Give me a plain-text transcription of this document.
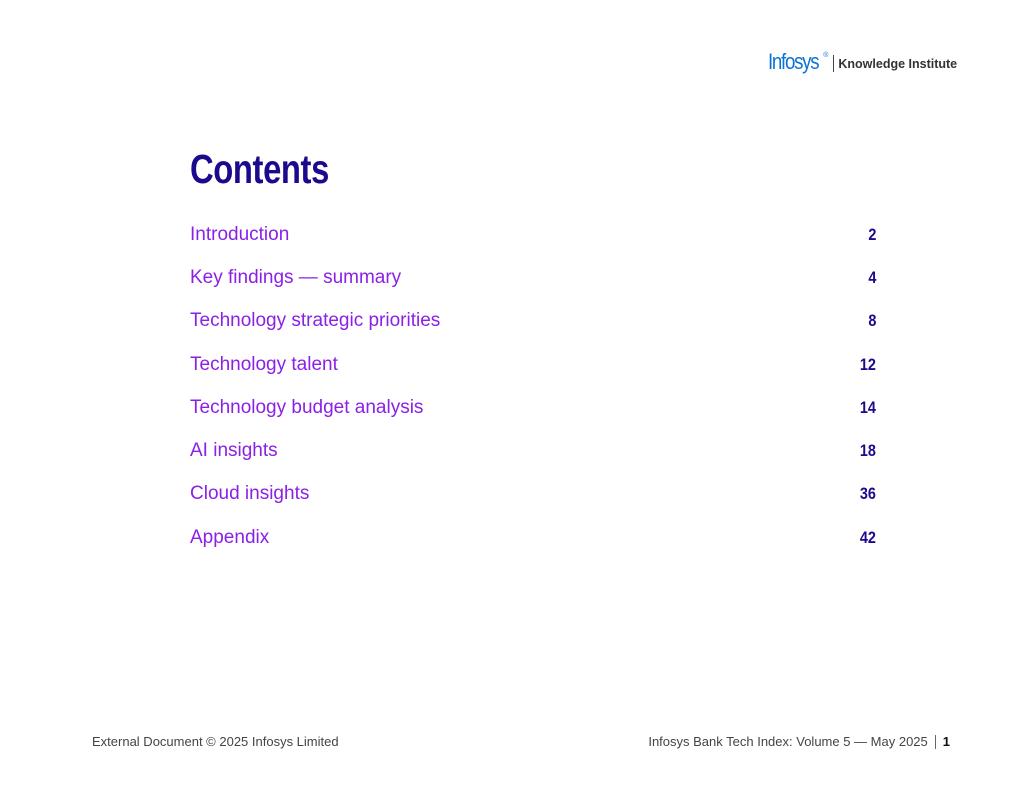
Infosys ®
Knowledge Institute
Contents
Introduction	2
Key findings — summary	4
Technology strategic priorities	8
Technology talent	12
Technology budget analysis	14
AI insights	18
Cloud insights	36
Appendix	42
External Document © 2025 Infosys Limited	Infosys Bank Tech Index: Volume 5 — May 2025 1
